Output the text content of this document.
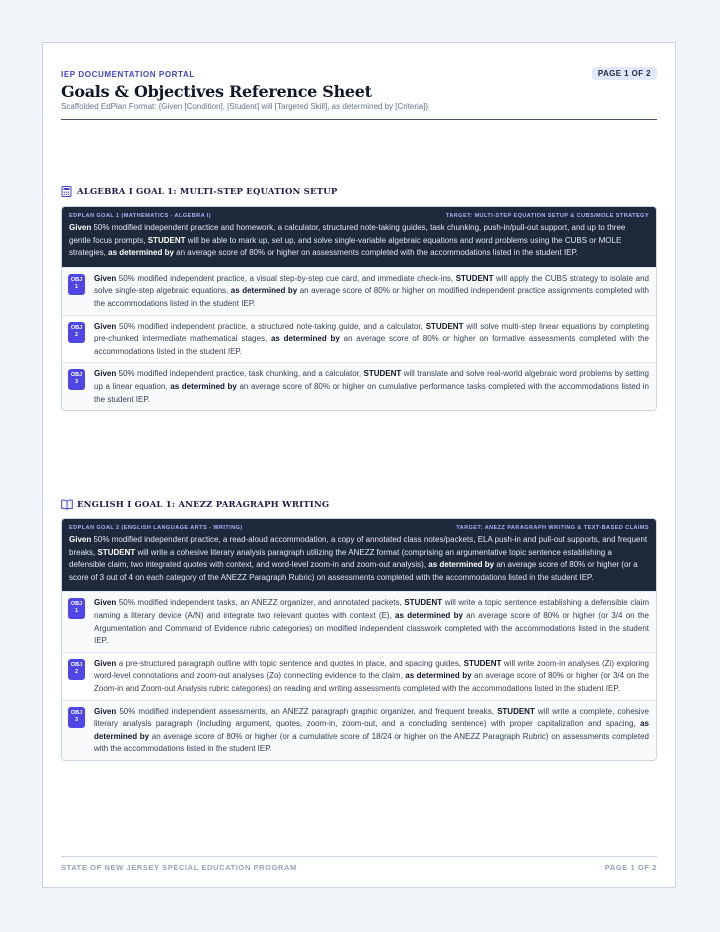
IEP DOCUMENTATION PORTAL	PAGE 1 OF 2
Goals & Objectives Reference Sheet
Scaffolded EdPlan Format: {Given [Condition], [Student] will [Targeted Skill], as determined by [Criteria]}
ALGEBRA I GOAL 1: MULTI-STEP EQUATION SETUP
EDPLAN GOAL 1 (MATHEMATICS - ALGEBRA I)	TARGET: MULTI-STEP EQUATION SETUP & CUBS/MOLE STRATEGY
Given 50% modified independent practice and homework, a calculator, structured note-taking guides, task chunking, push-in/pull-out support, and up to three gentle focus prompts, STUDENT will be able to mark up, set up, and solve single-variable algebraic equations and word problems using the CUBS or MOLE strategies, as determined by an average score of 80% or higher on assessments completed with the accommodations listed in the student IEP.
OBJ
1
Given 50% modified independent practice, a visual step-by-step cue card, and immediate check-ins, STUDENT will apply the CUBS strategy to isolate and solve single-step algebraic equations, as determined by an average score of 80% or higher on modified independent practice assignments completed with the accommodations listed in the student IEP.
OBJ
2
Given 50% modified independent practice, a structured note-taking guide, and a calculator, STUDENT will solve multi-step linear equations by completing pre-chunked intermediate mathematical stages, as determined by an average score of 80% or higher on formative assessments completed with the accommodations listed in the student IEP.
OBJ
3
Given 50% modified independent practice, task chunking, and a calculator, STUDENT will translate and solve real-world algebraic word problems by setting up a linear equation, as determined by an average score of 80% or higher on cumulative performance tasks completed with the accommodations listed in the student IEP.
ENGLISH I GOAL 1: ANEZZ PARAGRAPH WRITING
EDPLAN GOAL 2 (ENGLISH LANGUAGE ARTS - WRITING)	TARGET: ANEZZ PARAGRAPH WRITING & TEXT-BASED CLAIMS
Given 50% modified independent practice, a read-aloud accommodation, a copy of annotated class notes/packets, ELA push-in and pull-out supports, and frequent breaks, STUDENT will write a cohesive literary analysis paragraph utilizing the ANEZZ format (comprising an argumentative topic sentence establishing a defensible claim, two integrated quotes with context, and word-level zoom-in and zoom-out analysis), as determined by an average score of 80% or higher (or a score of 3 out of 4 on each category of the ANEZZ Paragraph Rubric) on assessments completed with the accommodations listed in the student IEP.
OBJ
1
Given 50% modified independent tasks, an ANEZZ organizer, and annotated packets, STUDENT will write a topic sentence establishing a defensible claim naming a literary device (A/N) and integrate two relevant quotes with context (E), as determined by an average score of 80% or higher (or 3/4 on the Argumentation and Command of Evidence rubric categories) on modified independent classwork completed with the accommodations listed in the student IEP.
OBJ
2
Given a pre-structured paragraph outline with topic sentence and quotes in place, and spacing guides, STUDENT will write zoom-in analyses (Zi) exploring word-level connotations and zoom-out analyses (Zo) connecting evidence to the claim, as determined by an average score of 80% or higher (or 3/4 on the Zoom-in and Zoom-out Analysis rubric categories) on reading and writing assessments completed with the accommodations listed in the student IEP.
OBJ
3
Given 50% modified independent assessments, an ANEZZ paragraph graphic organizer, and frequent breaks, STUDENT will write a complete, cohesive literary analysis paragraph (including argument, quotes, zoom-in, zoom-out, and a concluding sentence) with proper capitalization and spacing, as determined by an average score of 80% or higher (or a cumulative score of 18/24 or higher on the ANEZZ Paragraph Rubric) on assessments completed with the accommodations listed in the student IEP.
STATE OF NEW JERSEY SPECIAL EDUCATION PROGRAM	PAGE 1 OF 2
